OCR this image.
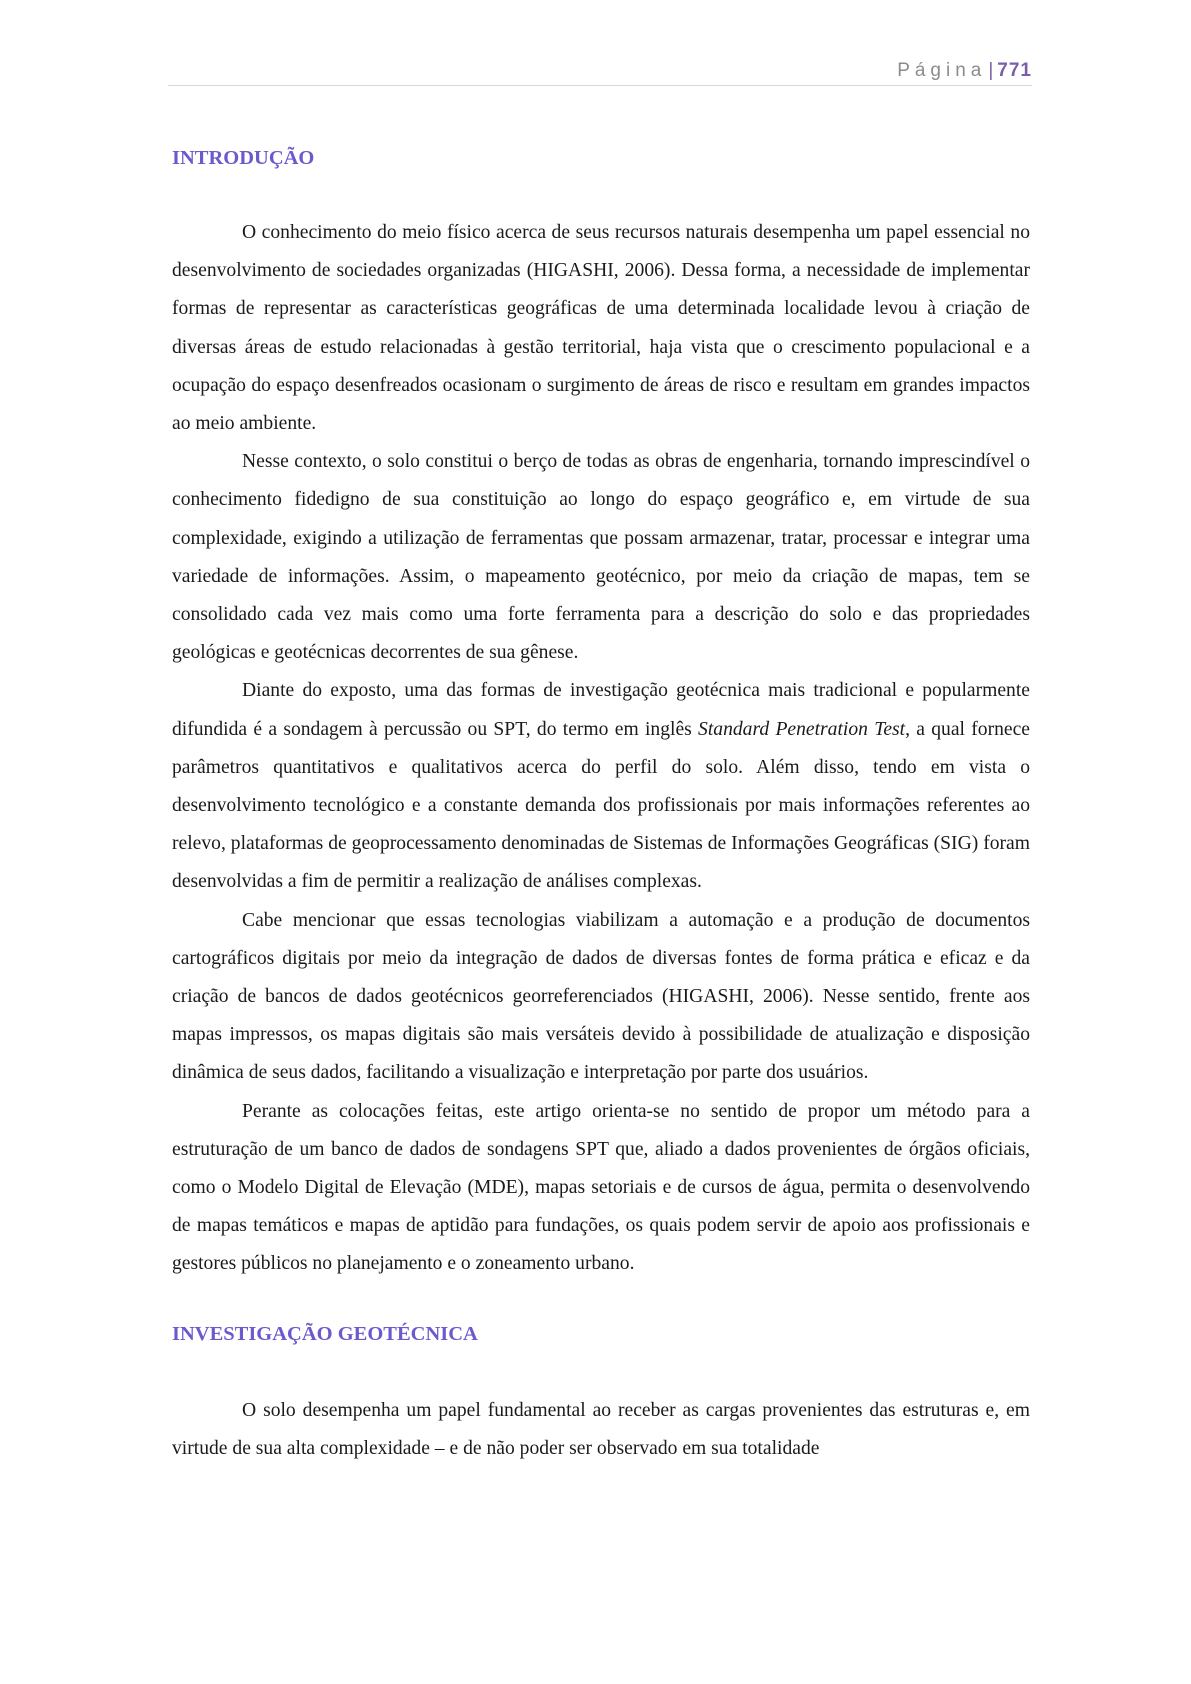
Página | 771
INTRODUÇÃO

O conhecimento do meio físico acerca de seus recursos naturais desempenha um papel essencial no desenvolvimento de sociedades organizadas (HIGASHI, 2006). Dessa forma, a necessidade de implementar formas de representar as características geográficas de uma determinada localidade levou à criação de diversas áreas de estudo relacionadas à gestão territorial, haja vista que o crescimento populacional e a ocupação do espaço desenfreados ocasionam o surgimento de áreas de risco e resultam em grandes impactos ao meio ambiente.

Nesse contexto, o solo constitui o berço de todas as obras de engenharia, tornando imprescindível o conhecimento fidedigno de sua constituição ao longo do espaço geográfico e, em virtude de sua complexidade, exigindo a utilização de ferramentas que possam armazenar, tratar, processar e integrar uma variedade de informações. Assim, o mapeamento geotécnico, por meio da criação de mapas, tem se consolidado cada vez mais como uma forte ferramenta para a descrição do solo e das propriedades geológicas e geotécnicas decorrentes de sua gênese.

Diante do exposto, uma das formas de investigação geotécnica mais tradicional e popularmente difundida é a sondagem à percussão ou SPT, do termo em inglês Standard Penetration Test, a qual fornece parâmetros quantitativos e qualitativos acerca do perfil do solo. Além disso, tendo em vista o desenvolvimento tecnológico e a constante demanda dos profissionais por mais informações referentes ao relevo, plataformas de geoprocessamento denominadas de Sistemas de Informações Geográficas (SIG) foram desenvolvidas a fim de permitir a realização de análises complexas.

Cabe mencionar que essas tecnologias viabilizam a automação e a produção de documentos cartográficos digitais por meio da integração de dados de diversas fontes de forma prática e eficaz e da criação de bancos de dados geotécnicos georreferenciados (HIGASHI, 2006). Nesse sentido, frente aos mapas impressos, os mapas digitais são mais versáteis devido à possibilidade de atualização e disposição dinâmica de seus dados, facilitando a visualização e interpretação por parte dos usuários.

Perante as colocações feitas, este artigo orienta-se no sentido de propor um método para a estruturação de um banco de dados de sondagens SPT que, aliado a dados provenientes de órgãos oficiais, como o Modelo Digital de Elevação (MDE), mapas setoriais e de cursos de água, permita o desenvolvendo de mapas temáticos e mapas de aptidão para fundações, os quais podem servir de apoio aos profissionais e gestores públicos no planejamento e o zoneamento urbano.

INVESTIGAÇÃO GEOTÉCNICA

O solo desempenha um papel fundamental ao receber as cargas provenientes das estruturas e, em virtude de sua alta complexidade – e de não poder ser observado em sua totalidade
